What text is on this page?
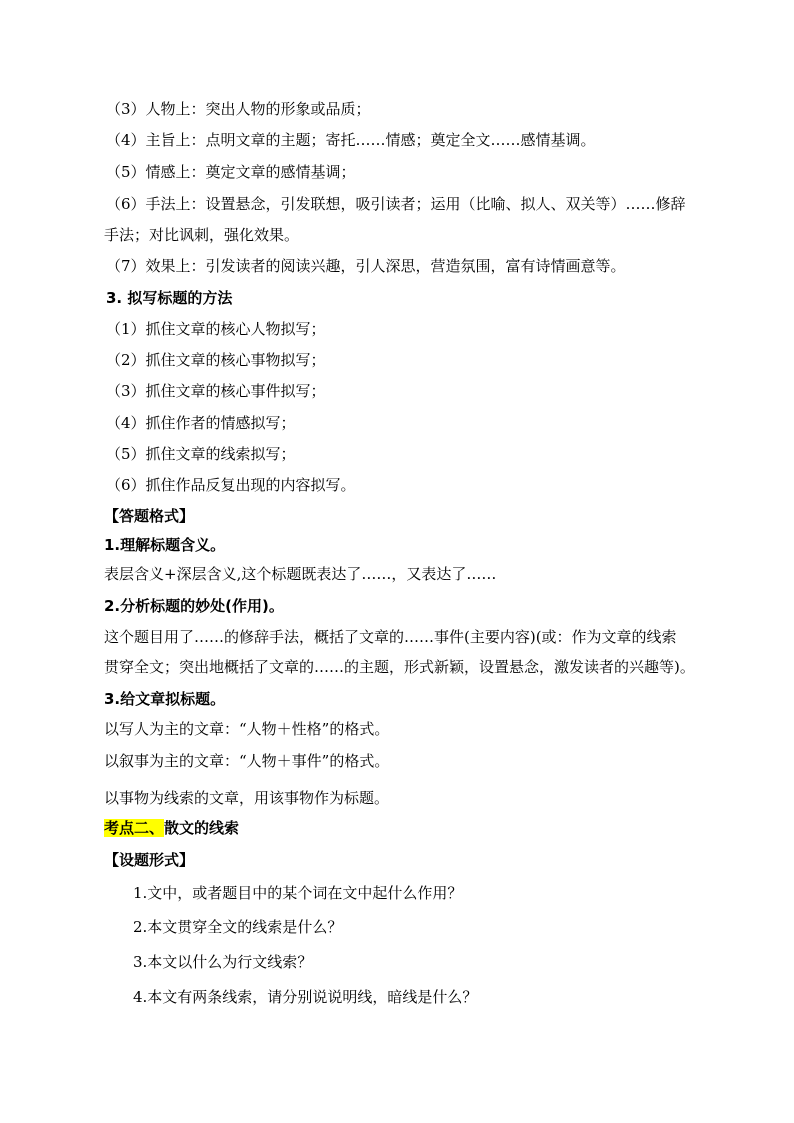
（3）人物上：突出人物的形象或品质；
（4）主旨上：点明文章的主题；寄托……情感；奠定全文……感情基调。
（5）情感上：奠定文章的感情基调；
（6）手法上：设置悬念，引发联想，吸引读者；运用（比喻、拟人、双关等）……修辞
手法；对比讽刺，强化效果。
（7）效果上：引发读者的阅读兴趣，引人深思，营造氛围，富有诗情画意等。
3. 拟写标题的方法
（1）抓住文章的核心人物拟写；
（2）抓住文章的核心事物拟写；
（3）抓住文章的核心事件拟写；
（4）抓住作者的情感拟写；
（5）抓住文章的线索拟写；
（6）抓住作品反复出现的内容拟写。
【答题格式】
1.理解标题含义。
表层含义+深层含义,这个标题既表达了……，又表达了……
2.分析标题的妙处(作用)。
这个题目用了……的修辞手法，概括了文章的……事件(主要内容)(或：作为文章的线索
贯穿全文；突出地概括了文章的……的主题，形式新颖，设置悬念，激发读者的兴趣等)。
3.给文章拟标题。
以写人为主的文章：“人物＋性格”的格式。
以叙事为主的文章：“人物＋事件”的格式。
以事物为线索的文章，用该事物作为标题。
考点二、散文的线索
【设题形式】
1.文中，或者题目中的某个词在文中起什么作用？
2.本文贯穿全文的线索是什么？
3.本文以什么为行文线索？
4.本文有两条线索，请分别说说明线，暗线是什么？
